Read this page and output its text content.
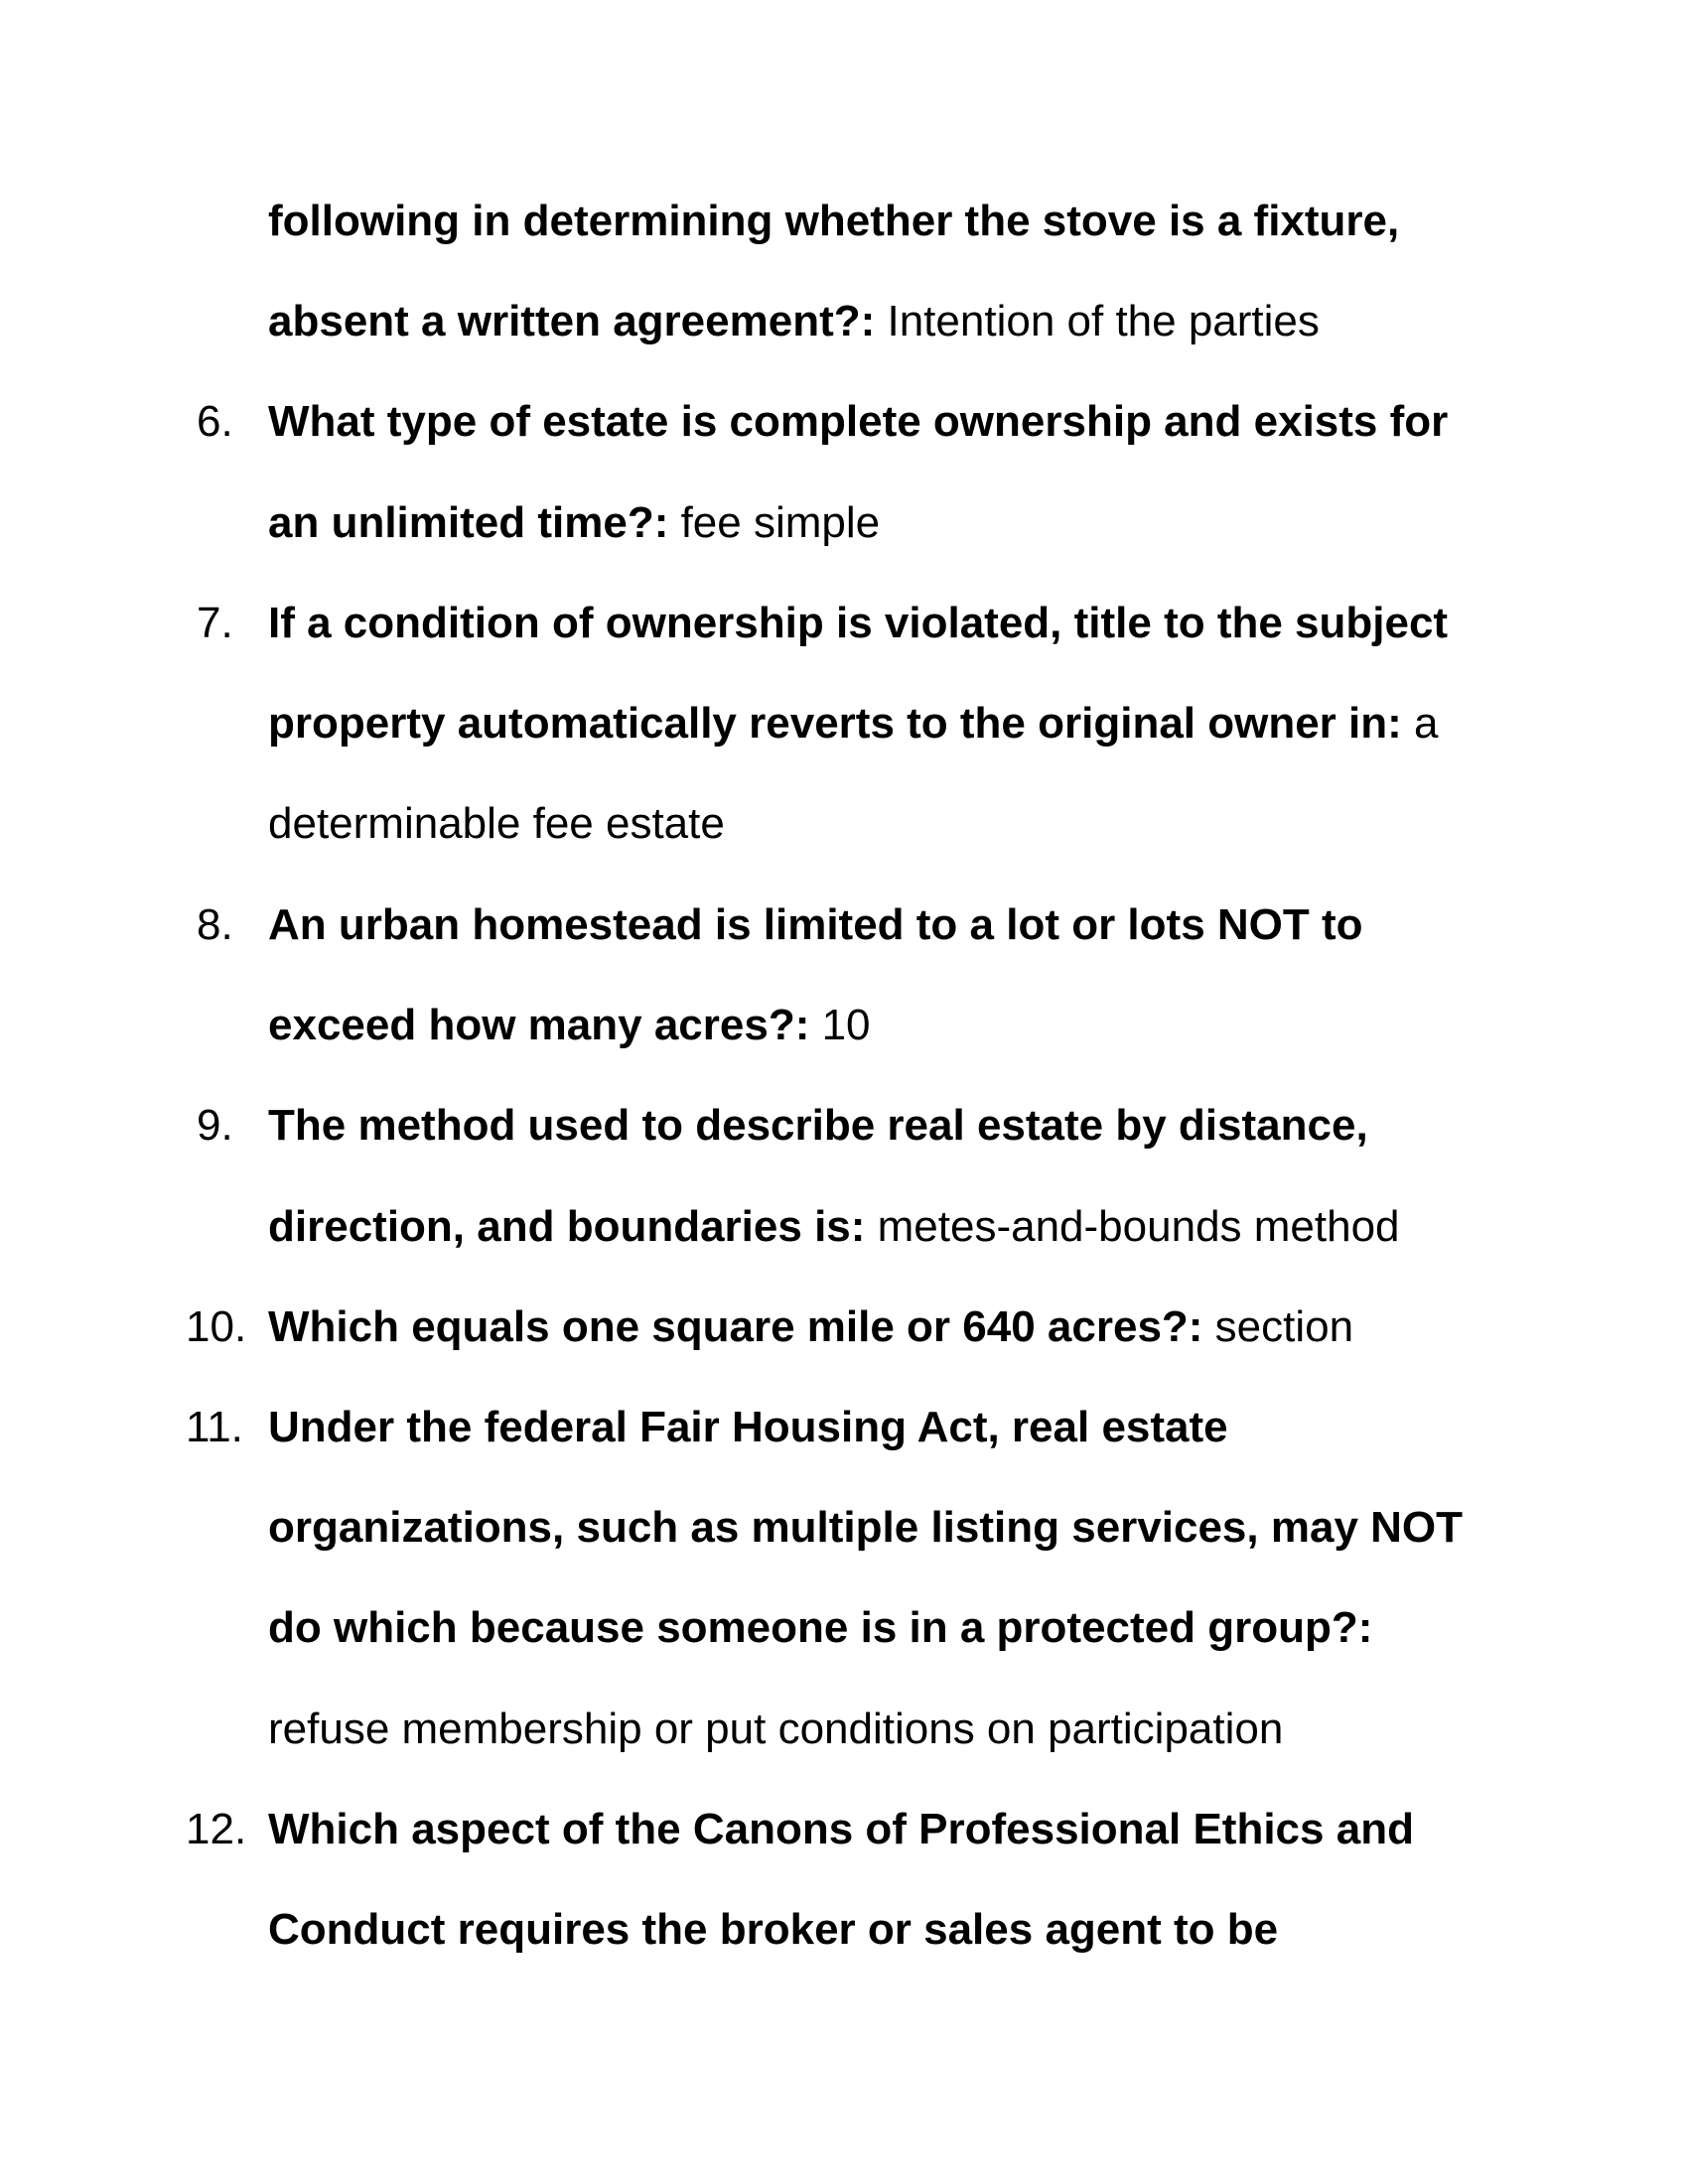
following in determining whether the stove is a fixture,
absent a written agreement?: Intention of the parties
6. What type of estate is complete ownership and exists for
an unlimited time?: fee simple
7. If a condition of ownership is violated, title to the subject
property automatically reverts to the original owner in: a
determinable fee estate
8. An urban homestead is limited to a lot or lots NOT to
exceed how many acres?: 10
9. The method used to describe real estate by distance,
direction, and boundaries is: metes-and-bounds method
10. Which equals one square mile or 640 acres?: section
11. Under the federal Fair Housing Act, real estate
organizations, such as multiple listing services, may NOT
do which because someone is in a protected group?:
refuse membership or put conditions on participation
12. Which aspect of the Canons of Professional Ethics and
Conduct requires the broker or sales agent to be
